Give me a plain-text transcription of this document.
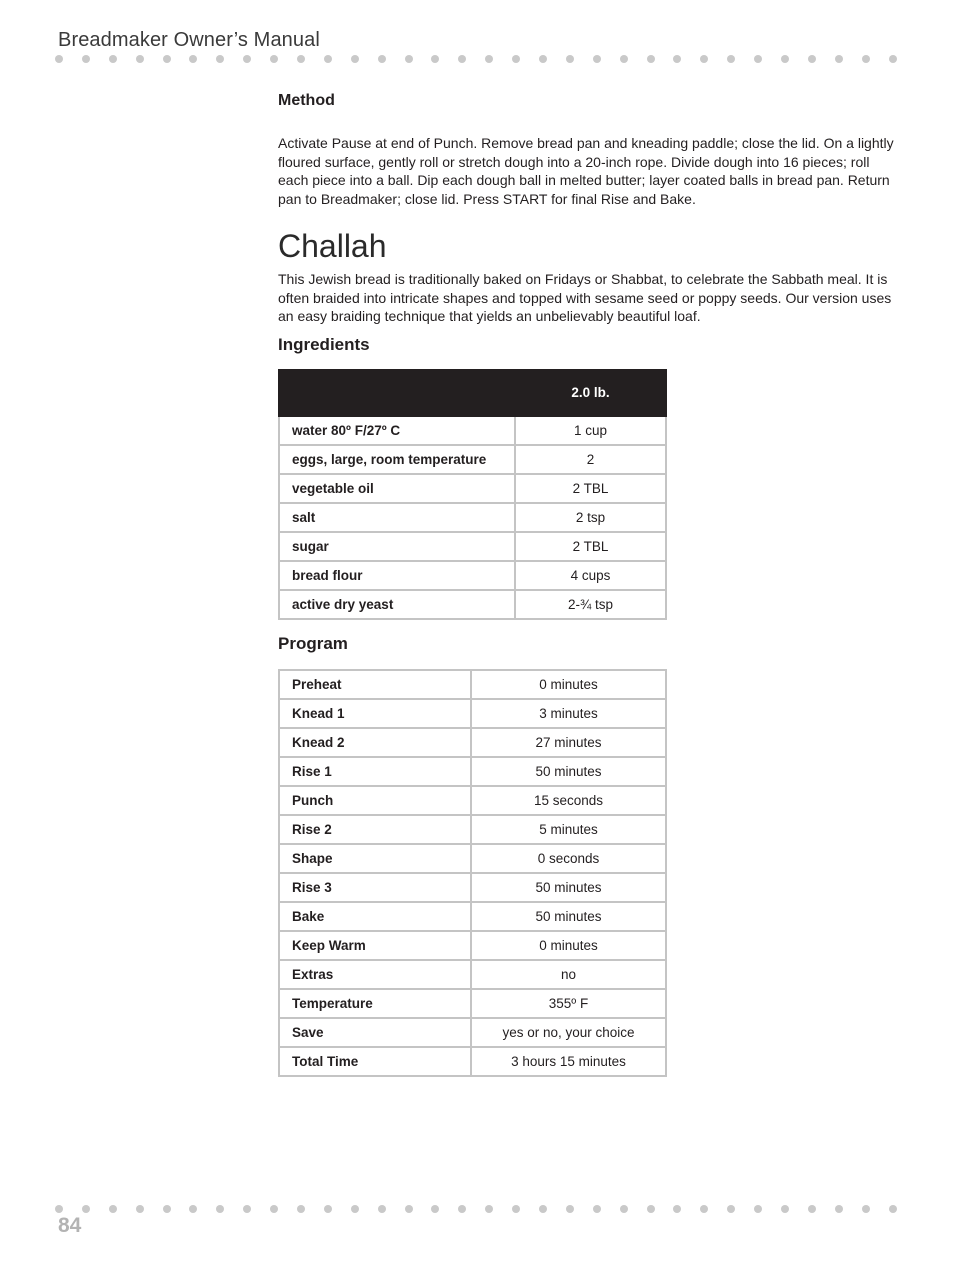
Breadmaker Owner’s Manual
Method

Activate Pause at end of Punch. Remove bread pan and kneading paddle; close the lid. On a lightly floured surface, gently roll or stretch dough into a 20-inch rope. Divide dough into 16 pieces; roll each piece into a ball. Dip each dough ball in melted butter; layer coated balls in bread pan. Return pan to Breadmaker; close lid. Press START for final Rise and Bake.

Challah

This Jewish bread is traditionally baked on Fridays or Shabbat, to celebrate the Sabbath meal. It is often braided into intricate shapes and topped with sesame seed or poppy seeds. Our version uses an easy braiding technique that yields an unbelievably beautiful loaf.

Ingredients
	2.0 lb.
water 80º F/27º C	1 cup
eggs, large, room temperature	2
vegetable oil	2 TBL
salt	2 tsp
sugar	2 TBL
bread flour	4 cups
active dry yeast	2-¾ tsp
Program
Preheat	0 minutes
Knead 1	3 minutes
Knead 2	27 minutes
Rise 1	50 minutes
Punch	15 seconds
Rise 2	5 minutes
Shape	0 seconds
Rise 3	50 minutes
Bake	50 minutes
Keep Warm	0 minutes
Extras	no
Temperature	355º F
Save	yes or no, your choice
Total Time	3 hours 15 minutes
84
